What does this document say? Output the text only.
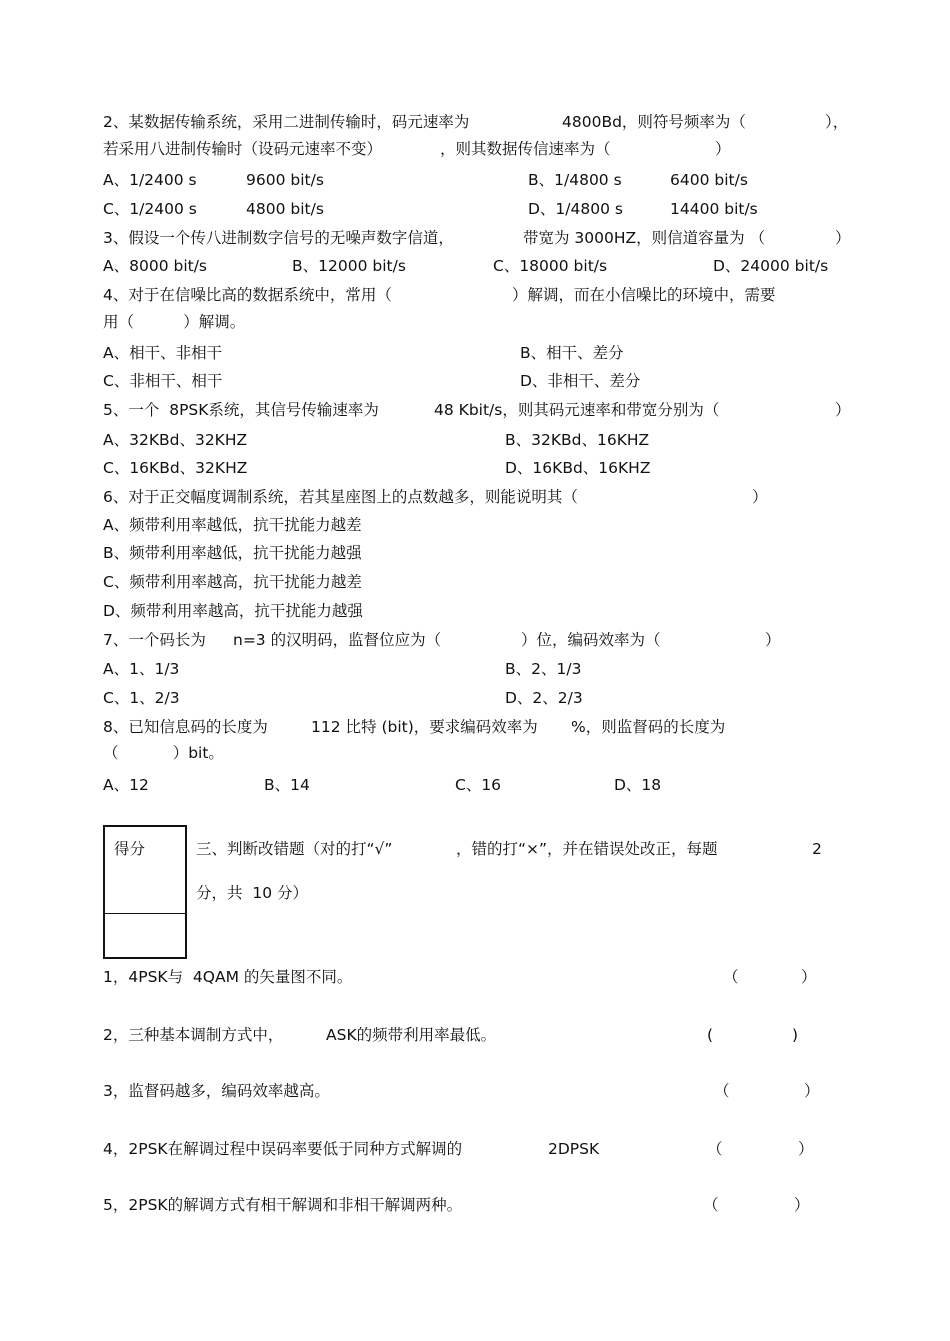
2、某数据传输系统，采用二进制传输时，码元速率为	4800Bd，则符号频率为（	），
若采用八进制传输时（设码元速率不变）	，则其数据传信速率为（	）
A、1/2400 s	9600 bit/s	B、1/4800 s	6400 bit/s
C、1/2400 s	4800 bit/s	D、1/4800 s	14400 bit/s
3、假设一个传八进制数字信号的无噪声数字信道，	带宽为 3000HZ，则信道容量为 （	）
A、8000 bit/s	B、12000 bit/s	C、18000 bit/s	D、24000 bit/s
4、对于在信噪比高的数据系统中，常用（	）解调，而在小信噪比的环境中，需要
用（          ）解调。
A、相干、非相干	B、相干、差分
C、非相干、相干	D、非相干、差分
5、一个  8PSK系统，其信号传输速率为	48 Kbit/s，则其码元速率和带宽分别为（	）
A、32KBd、32KHZ	B、32KBd、16KHZ
C、16KBd、32KHZ	D、16KBd、16KHZ
6、对于正交幅度调制系统，若其星座图上的点数越多，则能说明其（	）
A、频带利用率越低，抗干扰能力越差
B、频带利用率越低，抗干扰能力越强
C、频带利用率越高，抗干扰能力越差
D、频带利用率越高，抗干扰能力越强
7、一个码长为 n=3 的汉明码，监督位应为（	）位，编码效率为（	）
A、1、1/3	B、2、1/3
C、1、2/3	D、2、2/3
8、已知信息码的长度为	112 比特 (bit)，要求编码效率为 %，则监督码的长度为
（           ）bit。
A、12	B、14	C、16	D、18
得分	三、判断改错题（对的打“√”	，错的打“×”，并在错误处改正，每题	2
分，共  10 分）
1，4PSK与  4QAM 的矢量图不同。	（	）
2，三种基本调制方式中，	ASK的频带利用率最低。	(	)
3，监督码越多，编码效率越高。	（	）
4，2PSK在解调过程中误码率要低于同种方式解调的	2DPSK	（	）
5，2PSK的解调方式有相干解调和非相干解调两种。	（	）
